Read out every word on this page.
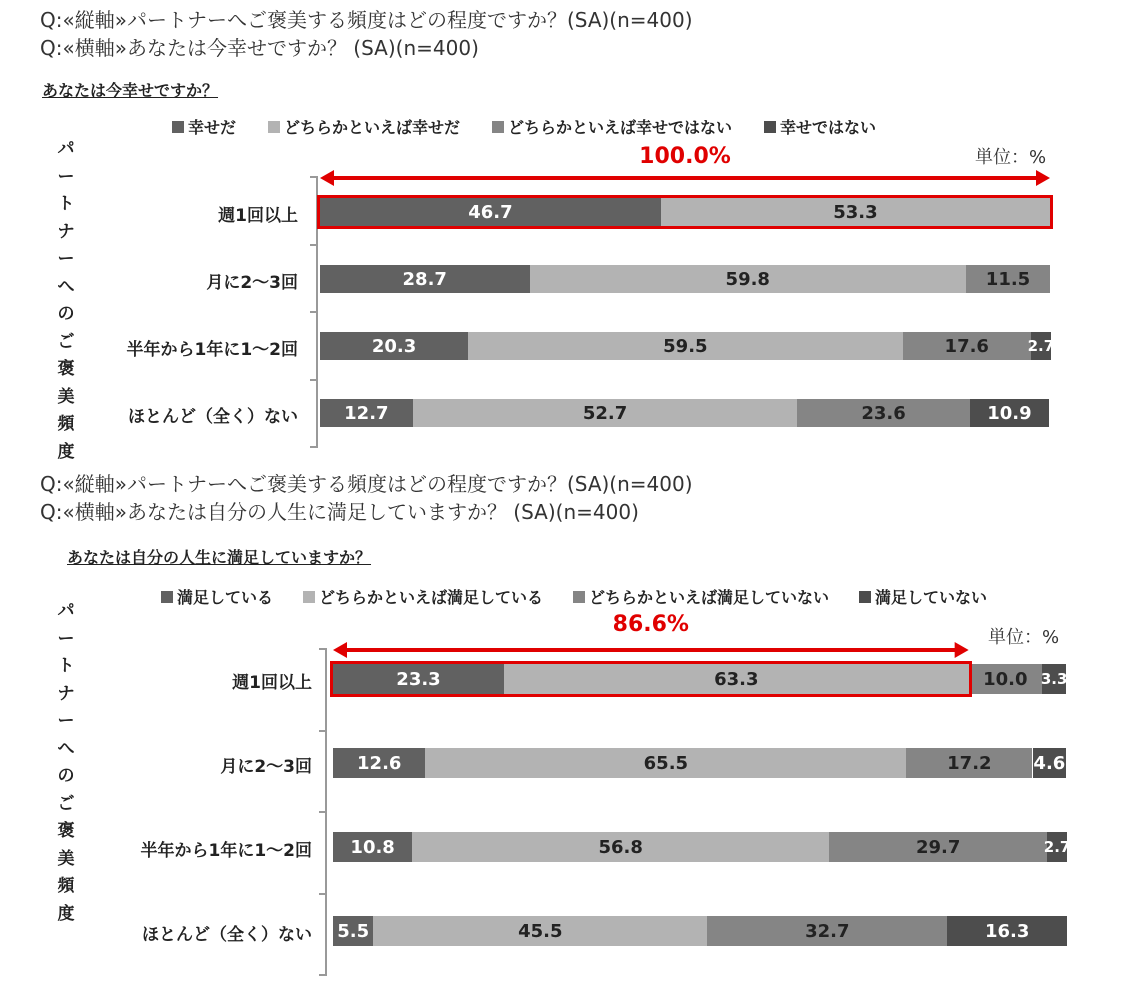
Q:«縦軸»パートナーへご褒美する頻度はどの程度ですか？(SA)(n=400)
Q:«横軸»あなたは今幸せですか？ (SA)(n=400)
あなたは今幸せですか？
幸せだ	どちらかといえば幸せだ	どちらかといえば幸せではない	幸せではない
単位：%
パ
ー
ト
ナ
ー
へ
の
ご
褒
美
頻
度
週1回以上	46.7	53.3
月に2〜3回	28.7	59.8	11.5
半年から1年に1〜2回	20.3	59.5	17.6	2.7
ほとんど（全く）ない	12.7	52.7	23.6	10.9
100.0%
Q:«縦軸»パートナーへご褒美する頻度はどの程度ですか？(SA)(n=400)
Q:«横軸»あなたは自分の人生に満足していますか？ (SA)(n=400)
あなたは自分の人生に満足していますか？
満足している	どちらかといえば満足している	どちらかといえば満足していない	満足していない
単位：%
パ
ー
ト
ナ
ー
へ
の
ご
褒
美
頻
度
週1回以上	23.3	63.3	10.0 3.3
月に2〜3回	12.6	65.5	17.2 4.6
半年から1年に1〜2回 10.8	56.8	29.7	2.7
ほとんど（全く）ない 5.5	45.5	32.7	16.3
86.6%
